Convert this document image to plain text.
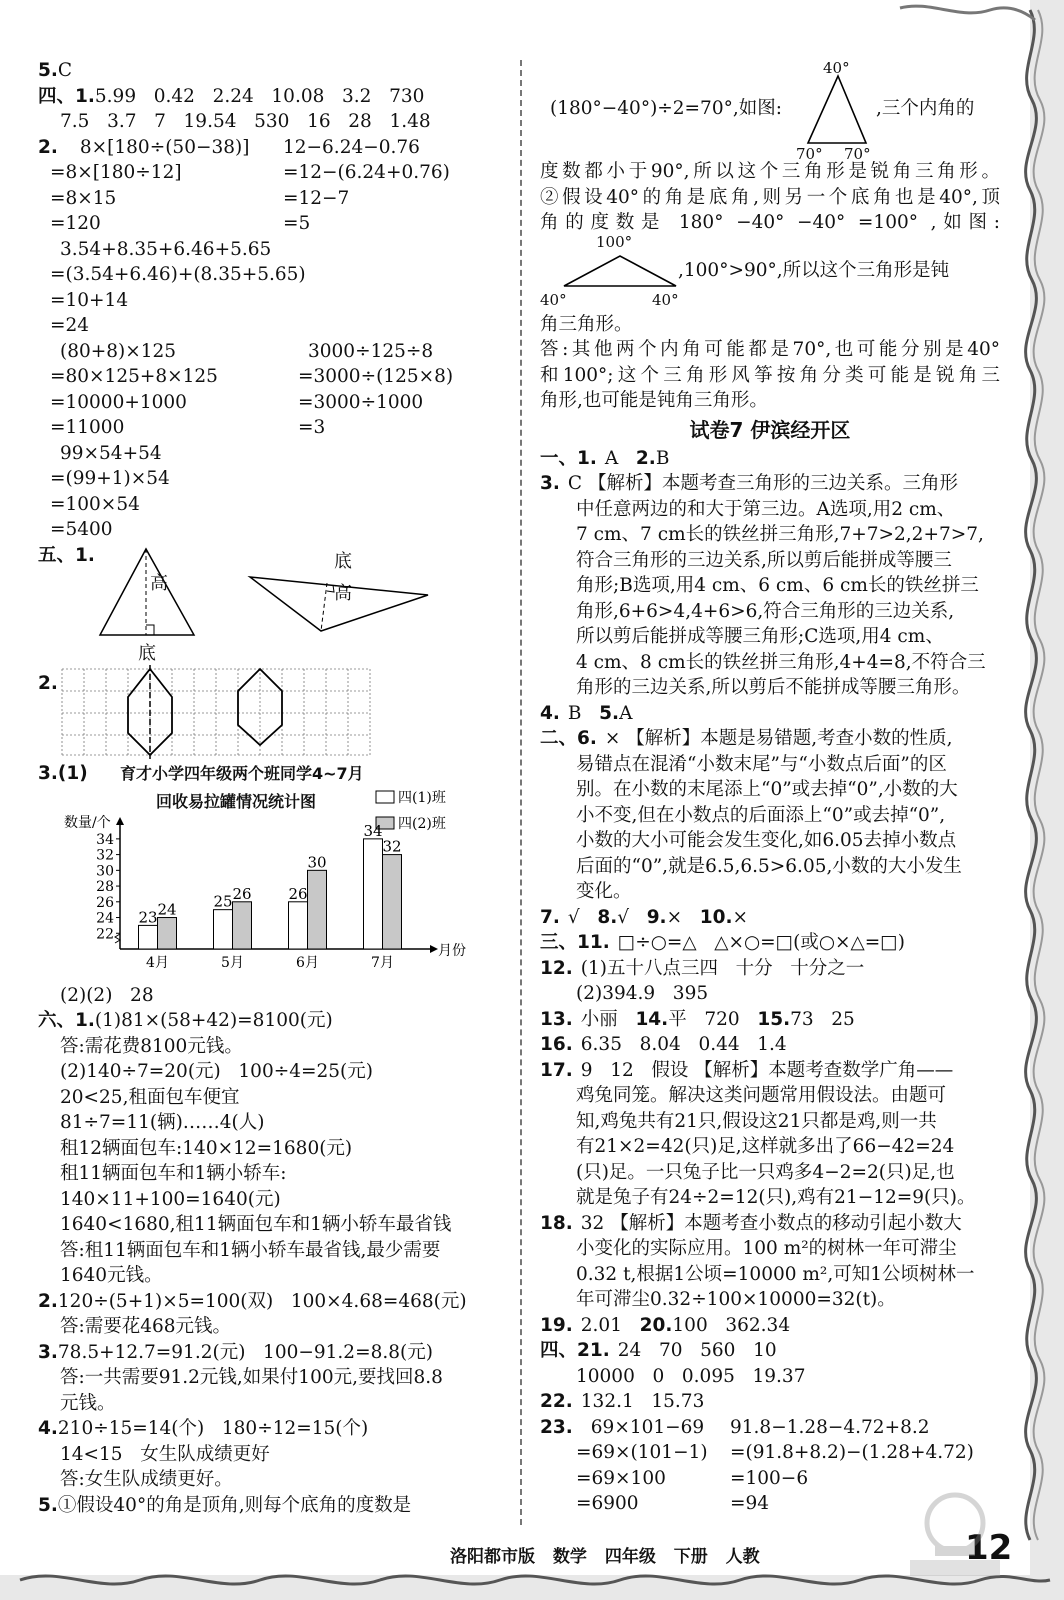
5.C
四、1.5.99   0.42   2.24   10.08   3.2   730
7.5   3.7   7   19.54   530   16   28   1.48
2. 8×[180÷(50−38)] 12−6.24−0.76
=8×[180÷12]	=12−(6.24+0.76)
=8×15	=12−7
=120	=5
3.54+8.35+6.46+5.65
=(3.54+6.46)+(8.35+5.65)
=10+14
=24
(80+8)×125	3000÷125÷8
=80×125+8×125	=3000÷(125×8)
=10000+1000	=3000÷1000
=11000	=3
99×54+54
=(99+1)×54
=100×54
=5400
五、1.
高
底
底
高
2.
3.(1) 育才小学四年级两个班同学4~7月
回收易拉罐情况统计图	四(1)班
四(2)班
数量/个
月份
22
24
26
28
30
32
34
23 24
4月
25 26
5月
26
30
6月
34
32
7月
(2)(2)   28
六、1.(1)81×(58+42)=8100(元)
答:需花费8100元钱。
(2)140÷7=20(元)   100÷4=25(元)
20<25,租面包车便宜
81÷7=11(辆)……4(人)
租12辆面包车:140×12=1680(元)
租11辆面包车和1辆小轿车:
140×11+100=1640(元)
1640<1680,租11辆面包车和1辆小轿车最省钱
答:租11辆面包车和1辆小轿车最省钱,最少需要
1640元钱。
2.120÷(5+1)×5=100(双)   100×4.68=468(元)
答:需要花468元钱。
3.78.5+12.7=91.2(元)   100−91.2=8.8(元)
答:一共需要91.2元钱,如果付100元,要找回8.8
元钱。
4.210÷15=14(个)   180÷12=15(个)
14<15   女生队成绩更好
答:女生队成绩更好。
5.①假设40°的角是顶角,则每个底角的度数是
(180°−40°)÷2=70°,如图:
40°
70° 70°
,三个内角的
度数都小于90°,所以这个三角形是锐角三角形。
②假设40°的角是底角,则另一个底角也是40°,顶
角的度数是 180° −40° −40° =100° ,如图:
100°
40°	40°
,100°>90°,所以这个三角形是钝
角三角形。
答:其他两个内角可能都是70°,也可能分别是40°
和100°;这个三角形风筝按角分类可能是锐角三
角形,也可能是钝角三角形。
试卷7 伊滨经开区
一、1. A   2.B
3. C 【解析】本题考查三角形的三边关系。三角形
中任意两边的和大于第三边。A选项,用2 cm、
7 cm、7 cm长的铁丝拼三角形,7+7>2,2+7>7,
符合三角形的三边关系,所以剪后能拼成等腰三
角形;B选项,用4 cm、6 cm、6 cm长的铁丝拼三
角形,6+6>4,4+6>6,符合三角形的三边关系,
所以剪后能拼成等腰三角形;C选项,用4 cm、
4 cm、8 cm长的铁丝拼三角形,4+4=8,不符合三
角形的三边关系,所以剪后不能拼成等腰三角形。
4. B   5.A
二、6. × 【解析】本题是易错题,考查小数的性质,
易错点在混淆“小数末尾”与“小数点后面”的区
别。在小数的末尾添上“0”或去掉“0”,小数的大
小不变,但在小数点的后面添上“0”或去掉“0”,
小数的大小可能会发生变化,如6.05去掉小数点
后面的“0”,就是6.5,6.5>6.05,小数的大小发生
变化。
7. √   8.√   9.×   10.×
三、11. □÷○=△   △×○=□(或○×△=□)
12. (1)五十八点三四   十分   十分之一
(2)394.9   395
13. 小丽   14.平   720   15.73   25
16. 6.35   8.04   0.44   1.4
17. 9   12   假设 【解析】本题考查数学广角——
鸡兔同笼。解决这类问题常用假设法。由题可
知,鸡兔共有21只,假设这21只都是鸡,则一共
有21×2=42(只)足,这样就多出了66−42=24
(只)足。一只兔子比一只鸡多4−2=2(只)足,也
就是兔子有24÷2=12(只),鸡有21−12=9(只)。
18. 32 【解析】本题考查小数点的移动引起小数大
小变化的实际应用。100 m²的树林一年可滞尘
0.32 t,根据1公顷=10000 m²,可知1公顷树林一
年可滞尘0.32÷100×10000=32(t)。
19. 2.01   20.100   362.34
四、21. 24   70   560   10
10000   0   0.095   19.37
22. 132.1   15.73
23. 69×101−69 91.8−1.28−4.72+8.2
=69×(101−1) =(91.8+8.2)−(1.28+4.72)
=69×100	=100−6
=6900	=94
洛阳都市版 数学 四年级 下册 人教	12
